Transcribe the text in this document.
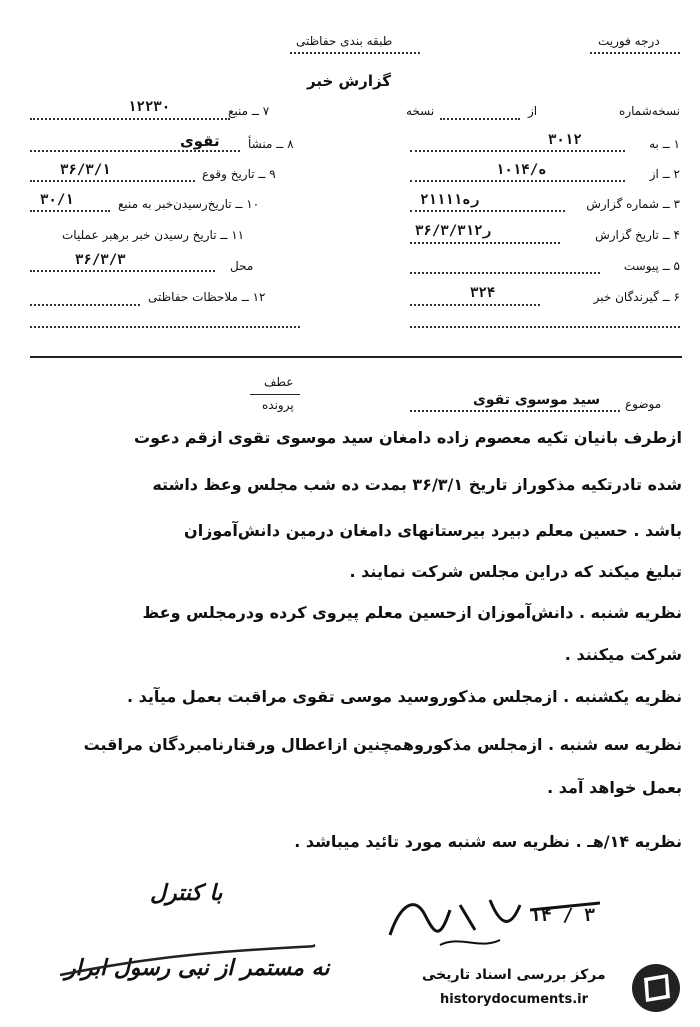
درجه فوریت
طبقه بندی حفاظتی
گزارش خبر
نسخه‌شماره
از
نسخه
۱ ــ به
۳۰۱۲
۲ ــ از
۱۰ه/۱۴
۳ ــ شماره گزارش
۲۱۱۱۱ره
۴ ــ تاریخ گزارش
۳۶/۳/۳ر۱۲
۵ ــ پیوست
۶ ــ گیرندگان خبر
۳۲۴
۷ ــ منبع
۱۲۲۳۰
۸ ــ منشأ
تقوی
۹ ــ تاریخ وقوع
۳۶/۳/۱
۱۰ ــ تاریخ‌رسیدن‌خبر به منبع
۳۰/۱
۱۱ ــ تاریخ رسیدن خبر برهبر عملیات
محل
۳۶/۳/۳
۱۲ ــ ملاحظات حفاظتی
عطف
پرونده	موضوع
سید موسوی تقوی
ازطرف بانیان تکیه معصوم زاده دامغان سید موسوی تقوی ازقم دعوت
شده تادرتکیه مذکوراز تاریخ ۳۶/۳/۱ بمدت ده شب مجلس وعظ داشته
باشد . حسین معلم دبیرد بیرستانهای دامغان درمین دانش‌آموزان
تبلیغ میکند که دراین مجلس شرکت نمایند .
نظریه شنبه . دانش‌آموزان ازحسین معلم پیروی کرده ودرمجلس وعظ
شرکت میکنند .
نظریه یکشنبه . ازمجلس مذکوروسید موسی تقوی مراقبت بعمل میآید .
نظریه سه شنبه . ازمجلس مذکوروهمچنین ازاعطال ورفتارنامبردگان مراقبت
بعمل خواهد آمد .
نظریه ۱۴/هـ . نظریه سه شنبه مورد تائید میباشد .
با کنترل
نه مستمر از نبی رسول ابرار
۱۴ / ۳
مرکز بررسی اسناد تاریخی
historydocuments.ir
